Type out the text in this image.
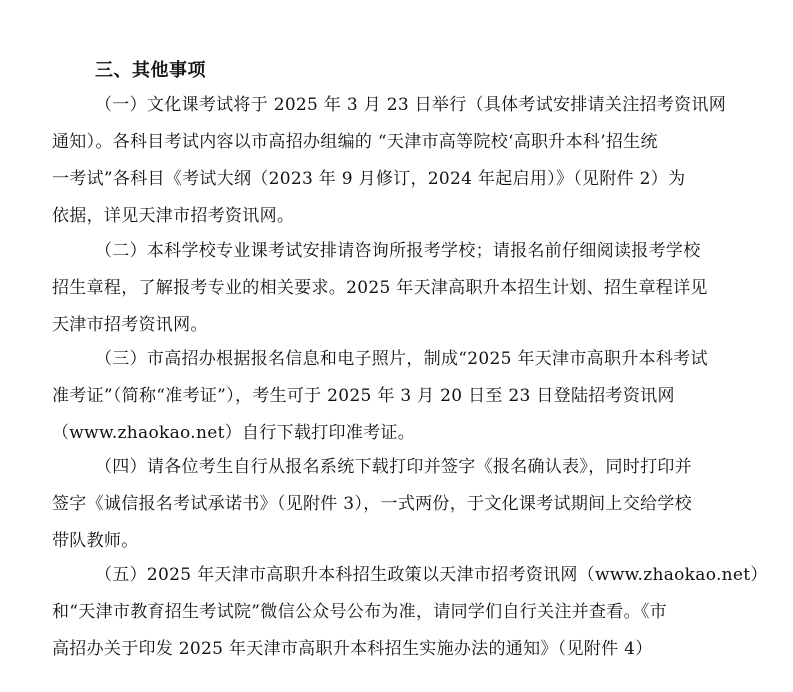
三、其他事项
（一）文化课考试将于 2025 年 3 月 23 日举行（具体考试安排请关注招考资讯网
通知）。各科目考试内容以市高招办组编的 “天津市高等院校‘高职升本科’招生统
一考试”各科目《考试大纲（2023 年 9 月修订，2024 年起启用）》（见附件 2）为
依据，详见天津市招考资讯网。
（二）本科学校专业课考试安排请咨询所报考学校；请报名前仔细阅读报考学校
招生章程，了解报考专业的相关要求。2025 年天津高职升本招生计划、招生章程详见
天津市招考资讯网。
（三）市高招办根据报名信息和电子照片，制成“2025 年天津市高职升本科考试
准考证”（简称“准考证”），考生可于 2025 年 3 月 20 日至 23 日登陆招考资讯网
（www.zhaokao.net）自行下载打印准考证。
（四）请各位考生自行从报名系统下载打印并签字《报名确认表》，同时打印并
签字《诚信报名考试承诺书》（见附件 3），一式两份，于文化课考试期间上交给学校
带队教师。
（五）2025 年天津市高职升本科招生政策以天津市招考资讯网（www.zhaokao.net）
和“天津市教育招生考试院”微信公众号公布为准，请同学们自行关注并查看。《市
高招办关于印发 2025 年天津市高职升本科招生实施办法的通知》（见附件 4）
